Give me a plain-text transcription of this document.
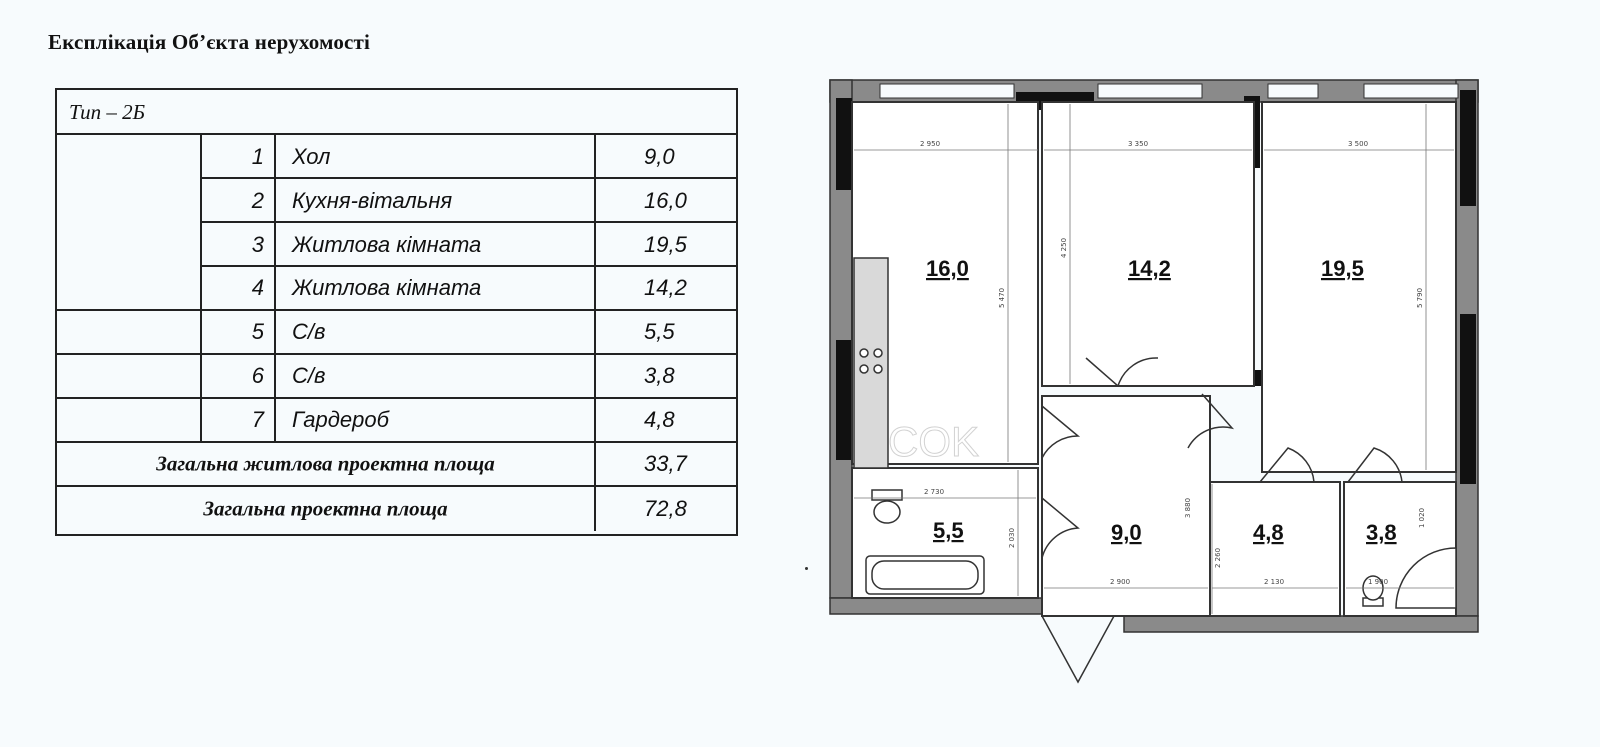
Експлікація Об’єкта нерухомості
Тип – 2Б
1 Хол	9,0
2 Кухня-вітальня	16,0
3 Житлова кімната	19,5
4 Житлова кімната	14,2
5 С/в	5,5
6 С/в	3,8
7 Гардероб	4,8
Загальна житлова проектна площа	33,7
Загальна проектна площа	72,8
2 950	3 350	3 500
5 470
4 250
5 790
2 730
2 030
3 880
2 900
2 260
2 130	1 900
1 020
16,0	14,2	19,5
5,5	9,0	4,8	3,8
COK
